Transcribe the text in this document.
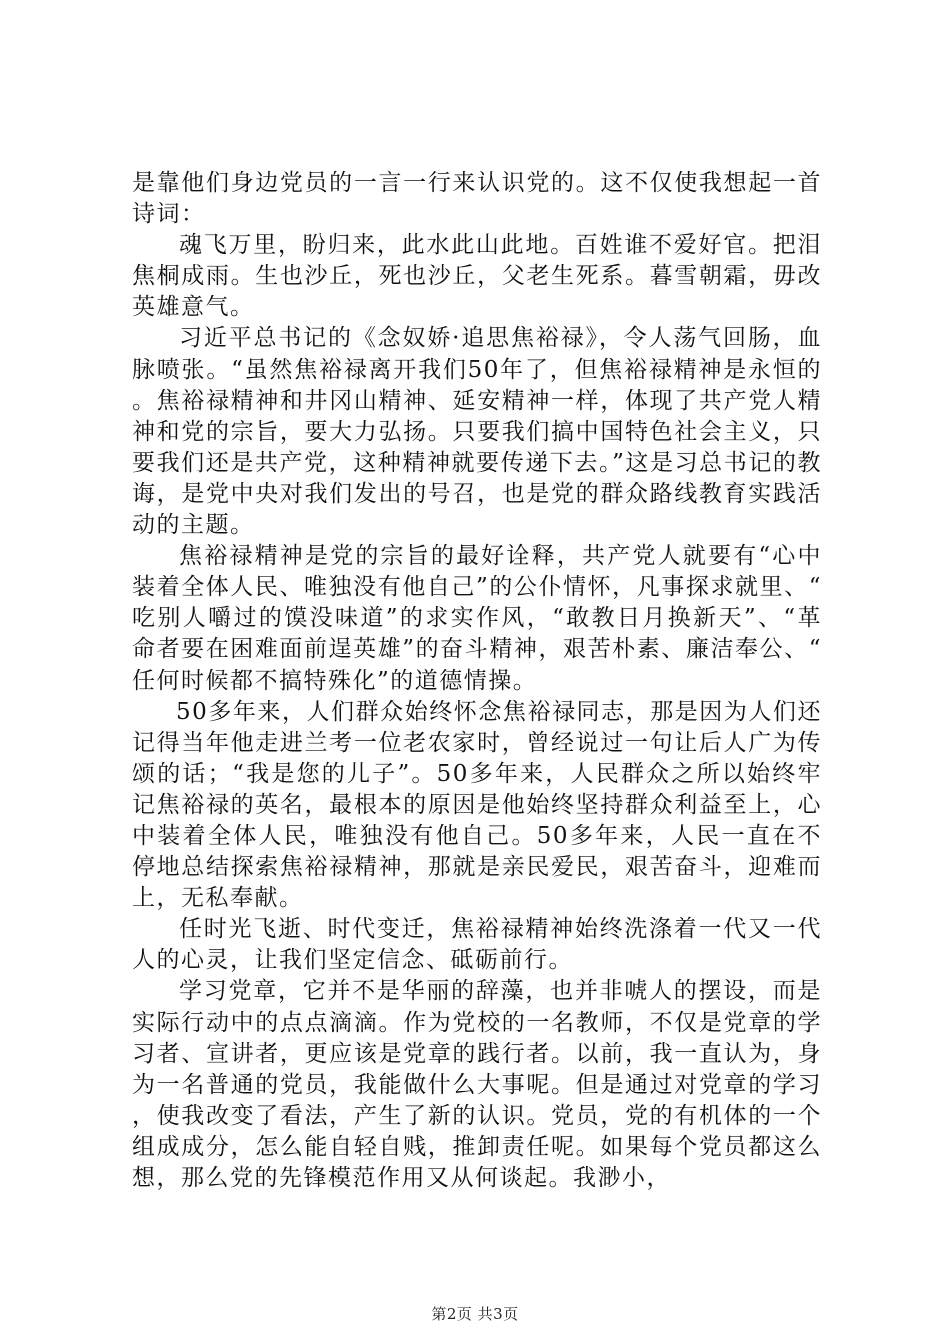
是靠他们身边党员的一言一行来认识党的。这不仅使我想起一首诗词：

魂飞万里，盼归来，此水此山此地。百姓谁不爱好官。把泪焦桐成雨。生也沙丘，死也沙丘，父老生死系。暮雪朝霜，毋改英雄意气。

习近平总书记的《念奴娇·追思焦裕禄》，令人荡气回肠，血脉喷张。“虽然焦裕禄离开我们50年了，但焦裕禄精神是永恒的。焦裕禄精神和井冈山精神、延安精神一样，体现了共产党人精神和党的宗旨，要大力弘扬。只要我们搞中国特色社会主义，只要我们还是共产党，这种精神就要传递下去。”这是习总书记的教诲，是党中央对我们发出的号召，也是党的群众路线教育实践活动的主题。

焦裕禄精神是党的宗旨的最好诠释，共产党人就要有“心中装着全体人民、唯独没有他自己”的公仆情怀，凡事探求就里、“吃别人嚼过的馍没味道”的求实作风，“敢教日月换新天”、“革命者要在困难面前逞英雄”的奋斗精神，艰苦朴素、廉洁奉公、“任何时候都不搞特殊化”的道德情操。

50多年来，人们群众始终怀念焦裕禄同志，那是因为人们还记得当年他走进兰考一位老农家时，曾经说过一句让后人广为传颂的话；“我是您的儿子”。50多年来，人民群众之所以始终牢记焦裕禄的英名，最根本的原因是他始终坚持群众利益至上，心中装着全体人民，唯独没有他自己。50多年来，人民一直在不停地总结探索焦裕禄精神，那就是亲民爱民，艰苦奋斗，迎难而上，无私奉献。

任时光飞逝、时代变迁，焦裕禄精神始终洗涤着一代又一代人的心灵，让我们坚定信念、砥砺前行。

学习党章，它并不是华丽的辞藻，也并非唬人的摆设，而是实际行动中的点点滴滴。作为党校的一名教师，不仅是党章的学习者、宣讲者，更应该是党章的践行者。以前，我一直认为，身为一名普通的党员，我能做什么大事呢。但是通过对党章的学习，使我改变了看法，产生了新的认识。党员，党的有机体的一个组成成分，怎么能自轻自贱，推卸责任呢。如果每个党员都这么想，那么党的先锋模范作用又从何谈起。我渺小，

第2页 共3页
